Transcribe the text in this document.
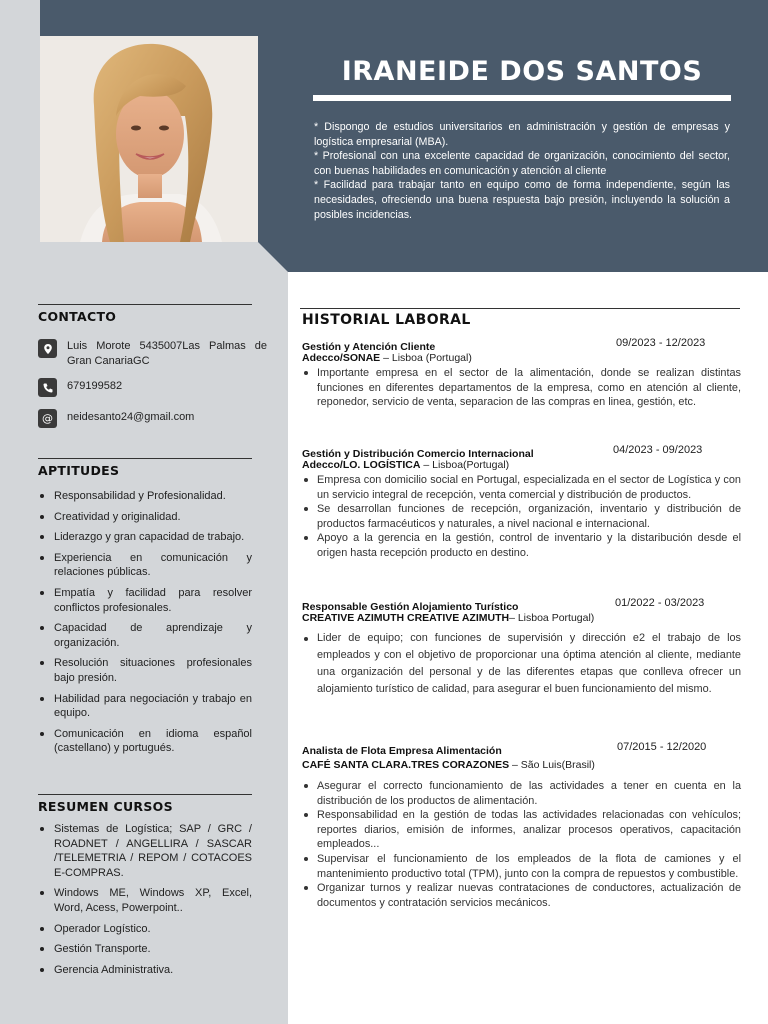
IRANEIDE DOS SANTOS

* Dispongo de estudios universitarios en administración y gestión de empresas y logística empresarial (MBA).

* Profesional con una excelente capacidad de organización, conocimiento del sector, con buenas habilidades en comunicación y atención al cliente

* Facilidad para trabajar tanto en equipo como de forma independiente, según las necesidades, ofreciendo una buena respuesta bajo presión, incluyendo la solución a posibles incidencias.

CONTACTO
Luis Morote 5435007Las Palmas de Gran CanariaGC
679199582
@ neidesanto24@gmail.com
APTITUDES
Responsabilidad y Profesionalidad.
Creatividad y originalidad.
Liderazgo y gran capacidad de trabajo.
Experiencia en comunicación y relaciones públicas.
Empatía y facilidad para resolver conflictos profesionales.
Capacidad de aprendizaje y organización.
Resolución situaciones profesionales bajo presión.
Habilidad para negociación y trabajo en equipo.
Comunicación en idioma español (castellano) y portugués.
RESUMEN CURSOS
Sistemas de Logística; SAP / GRC / ROADNET / ANGELLIRA / SASCAR /TELEMETRIA / REPOM / COTACOES E-COMPRAS.
Windows ME, Windows XP, Excel, Word, Acess, Powerpoint..
Operador Logístico.
Gestión Transporte.
Gerencia Administrativa.
HISTORIAL LABORAL
Gestión y Atención Cliente	09/2023 - 12/2023
Adecco/SONAE – Lisboa (Portugal)
Importante empresa en el sector de la alimentación, donde se realizan distintas funciones en diferentes departamentos de la empresa, como en atención al cliente, reponedor, servicio de venta, separacion de las compras en linea, gestión, etc.
Gestión y Distribución Comercio Internacional	04/2023 - 09/2023
Adecco/LO. LOGÍSTICA – Lisboa(Portugal)
Empresa con domicilio social en Portugal, especializada en el sector de Logística y con un servicio integral de recepción, venta comercial y distribución de productos.
Se desarrollan funciones de recepción, organización, inventario y distribución de productos farmacéuticos y naturales, a nivel nacional e internacional.
Apoyo a la gerencia en la gestión, control de inventario y la distaribución desde el origen hasta recepción producto en destino.
Responsable Gestión Alojamiento Turístico	01/2022 - 03/2023
CREATIVE AZIMUTH CREATIVE AZIMUTH– Lisboa Portugal)
Lider de equipo; con funciones de supervisión y dirección e2 el trabajo de los empleados y con el objetivo de proporcionar una óptima atención al cliente, mediante una organización del personal y de las diferentes etapas que conlleva ofrecer un alojamiento turístico de calidad, para asegurar el buen funcionamiento del mismo.
Analista de Flota Empresa Alimentación	07/2015 - 12/2020
CAFÉ SANTA CLARA.TRES CORAZONES – São Luis(Brasil)
Asegurar el correcto funcionamiento de las actividades a tener en cuenta en la distribución de los productos de alimentación.
Responsabilidad en la gestión de todas las actividades relacionadas con vehículos; reportes diarios, emisión de informes, analizar procesos operativos, capacitación empleados...
Supervisar el funcionamiento de los empleados de la flota de camiones y el mantenimiento productivo total (TPM), junto con la compra de repuestos y combustible.
Organizar turnos y realizar nuevas contrataciones de conductores, actualización de documentos y contratación servicios mecánicos.
